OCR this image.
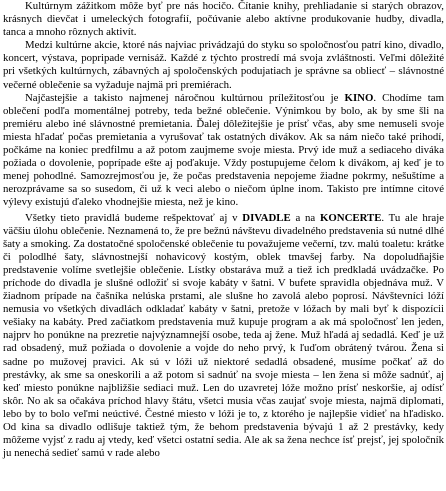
Kultúrnym zážitkom môže byť pre nás hocičo. Čítanie knihy, prehliadanie si starých obrazov, krásnych dievčat i umeleckých fotografií, počúvanie alebo aktívne produkovanie hudby, divadla, tanca a mnoho rôznych aktivít.

Medzi kultúrne akcie, ktoré nás najviac privádzajú do styku so spoločnosťou patrí kino, divadlo, koncert, výstava, popripade vernisáž. Každé z týchto prostredí má svoja zvláštnosti. Veľmi dôležité pri všetkých kultúrnych, zábavných aj spoločenských podujatiach je správne sa obliecť – slávnostné večerné oblečenie sa vyžaduje najmä pri premiérach.

Najčastejšie a takisto najmenej náročnou kultúrnou príležitosťou je KINO. Chodíme tam oblečení podľa momentálnej potreby, teda bežné oblečenie. Výnimkou by bolo, ak by sme šli na premiéru alebo iné slávnostné premietania. Ďalej dôležitejšie je prísť včas, aby sme nemuseli svoje miesta hľadať počas premietania a vyrušovať tak ostatných divákov. Ak sa nám niečo také prihodí, počkáme na koniec predfilmu a až potom zaujmeme svoje miesta. Prvý ide muž a sediaceho diváka požiada o dovolenie, poprípade ešte aj poďakuje. Vždy postupujeme čelom k divákom, aj keď je to menej pohodlné. Samozrejmosťou je, že počas predstavenia nepojeme žiadne pokrmy, nešuštíme a nerozprávame sa so susedom, či už k veci alebo o niečom úplne inom. Takisto pre intímne citové výlevy existujú ďaleko vhodnejšie miesta, než je kino.

Všetky tieto pravidlá budeme rešpektovať aj v DIVADLE a na KONCERTE. Tu ale hraje väčšiu úlohu oblečenie. Neznamená to, že pre bežnú návštevu divadelného predstavenia sú nutné dlhé šaty a smoking. Za dostatočné spoločenské oblečenie tu považujeme večerní, tzv. malú toaletu: krátke či polodlhé šaty, slávnostnejší nohavicový kostým, oblek tmavšej farby. Na dopoludňajšie predstavenie volíme svetlejšie oblečenie. Lístky obstaráva muž a tiež ich predkladá uvádzačke. Po príchode do divadla je slušné odložiť si svoje kabáty v šatni. V bufete spravidla objednáva muž. V žiadnom prípade na čašníka nelúska prstami, ale slušne ho zavolá alebo poprosí. Návštevníci lóží nemusia vo všetkých divadlách odkladať kabáty v šatni, pretože v lóžach by mali byť k dispozícii vešiaky na kabáty. Pred začiatkom predstavenia muž kupuje program a ak má spoločnosť len jeden, najprv ho ponúkne na prezretie najvýznamnejší osobe, teda aj žene. Muž hľadá aj sedadlá. Keď je už rad obsadený, muž požiada o dovolenie a vojde do neho prvý, k ľuďom obrátený tvárou. Žena si sadne po mužovej pravici. Ak sú v lóži už niektoré sedadlá obsadené, musíme počkať až do prestávky, ak sme sa oneskorili a až potom si sadnúť na svoje miesta – len žena si môže sadnúť, aj keď miesto ponúkne najbližšie sediaci muž. Len do uzavretej lóže možno prísť neskoršie, aj odísť skôr. No ak sa očakáva príchod hlavy štátu, všetci musia včas zaujať svoje miesta, najmä diplomati, lebo by to bolo veľmi neúctivé. Čestné miesto v lóži je to, z ktorého je najlepšie vidieť na hľadisko. Od kina sa divadlo odlišuje taktiež tým, že behom predstavenia bývajú 1 až 2 prestávky, kedy môžeme vyjsť z radu aj vtedy, keď všetci ostatní sedia. Ale ak sa žena nechce ísť prejsť, jej spoločník ju nenechá sedieť samú v rade alebo
